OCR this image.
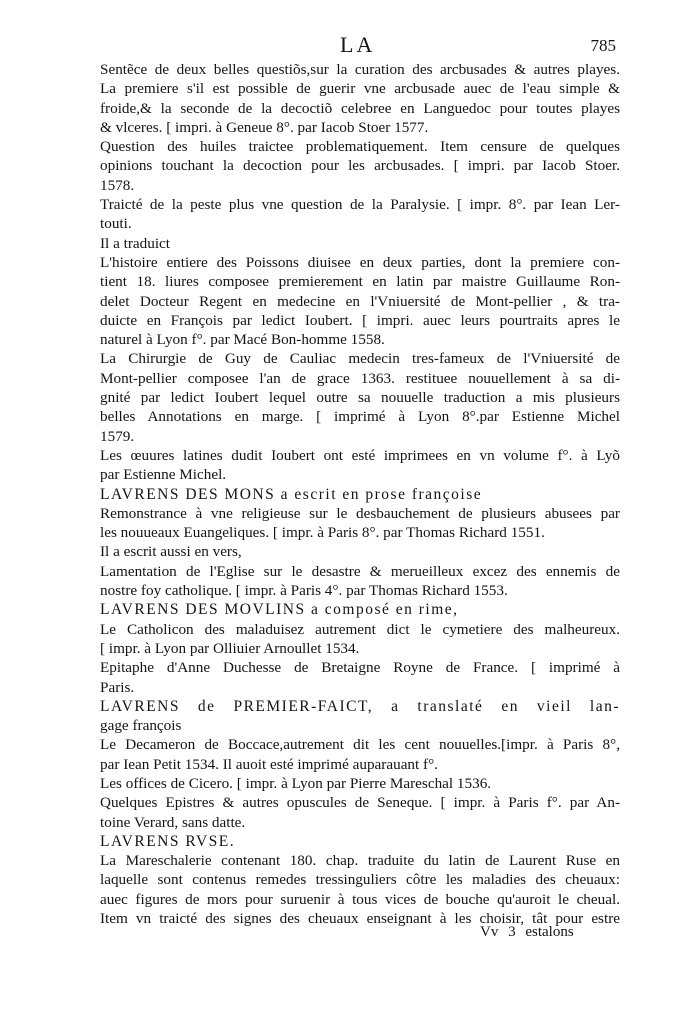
LA	785
Sentẽce de deux belles questiõs,sur la curation des arcbusades & autres playes.
La premiere s'il est possible de guerir vne arcbusade auec de l'eau simple &
froide,& la seconde de la decoctiõ celebree en Languedoc pour toutes playes
& vlceres. [ impri. à Geneue 8°. par Iacob Stoer 1577.
Question des huiles traictee problematiquement. Item censure de quelques
opinions touchant la decoction pour les arcbusades. [ impri. par Iacob Stoer.
1578.
Traicté de la peste plus vne question de la Paralysie. [ impr. 8°. par Iean Ler-
touti.
Il a traduict
L'histoire entiere des Poissons diuisee en deux parties, dont la premiere con-
tient 18. liures composee premierement en latin par maistre Guillaume Ron-
delet Docteur Regent en medecine en l'Vniuersité de Mont-pellier , & tra-
duicte en François par ledict Ioubert. [ impri. auec leurs pourtraits apres le
naturel à Lyon f°. par Macé Bon-homme 1558.
La Chirurgie de Guy de Cauliac medecin tres-fameux de l'Vniuersité de
Mont-pellier composee l'an de grace 1363. restituee nouuellement à sa di-
gnité par ledict Ioubert lequel outre sa nouuelle traduction a mis plusieurs
belles Annotations en marge. [ imprimé à Lyon 8°.par Estienne Michel
1579.
Les œuures latines dudit Ioubert ont esté imprimees en vn volume f°. à Lyõ
par Estienne Michel.
LAVRENS DES MONS a escrit en prose françoise
Remonstrance à vne religieuse sur le desbauchement de plusieurs abusees par
les nouueaux Euangeliques. [ impr. à Paris 8°. par Thomas Richard 1551.
Il a escrit aussi en vers,
Lamentation de l'Eglise sur le desastre & merueilleux excez des ennemis de
nostre foy catholique. [ impr. à Paris 4°. par Thomas Richard 1553.
LAVRENS DES MOVLINS a composé en rime,
Le Catholicon des maladuisez autrement dict le cymetiere des malheureux.
[ impr. à Lyon par Olliuier Arnoullet 1534.
Epitaphe d'Anne Duchesse de Bretaigne Royne de France. [ imprimé à
Paris.
LAVRENS de PREMIER-FAICT, a translaté en vieil lan-
gage françois
Le Decameron de Boccace,autrement dit les cent nouuelles.[impr. à Paris 8°,
par Iean Petit 1534. Il auoit esté imprimé auparauant f°.
Les offices de Cicero. [ impr. à Lyon par Pierre Mareschal 1536.
Quelques Epistres & autres opuscules de Seneque. [ impr. à Paris f°. par An-
toine Verard, sans datte.
LAVRENS RVSE.
La Mareschalerie contenant 180. chap. traduite du latin de Laurent Ruse en
laquelle sont contenus remedes tressinguliers côtre les maladies des cheuaux:
auec figures de mors pour suruenir à tous vices de bouche qu'auroit le cheual.
Item vn traicté des signes des cheuaux enseignant à les choisir, tât pour estre
Vv 3 estalons
